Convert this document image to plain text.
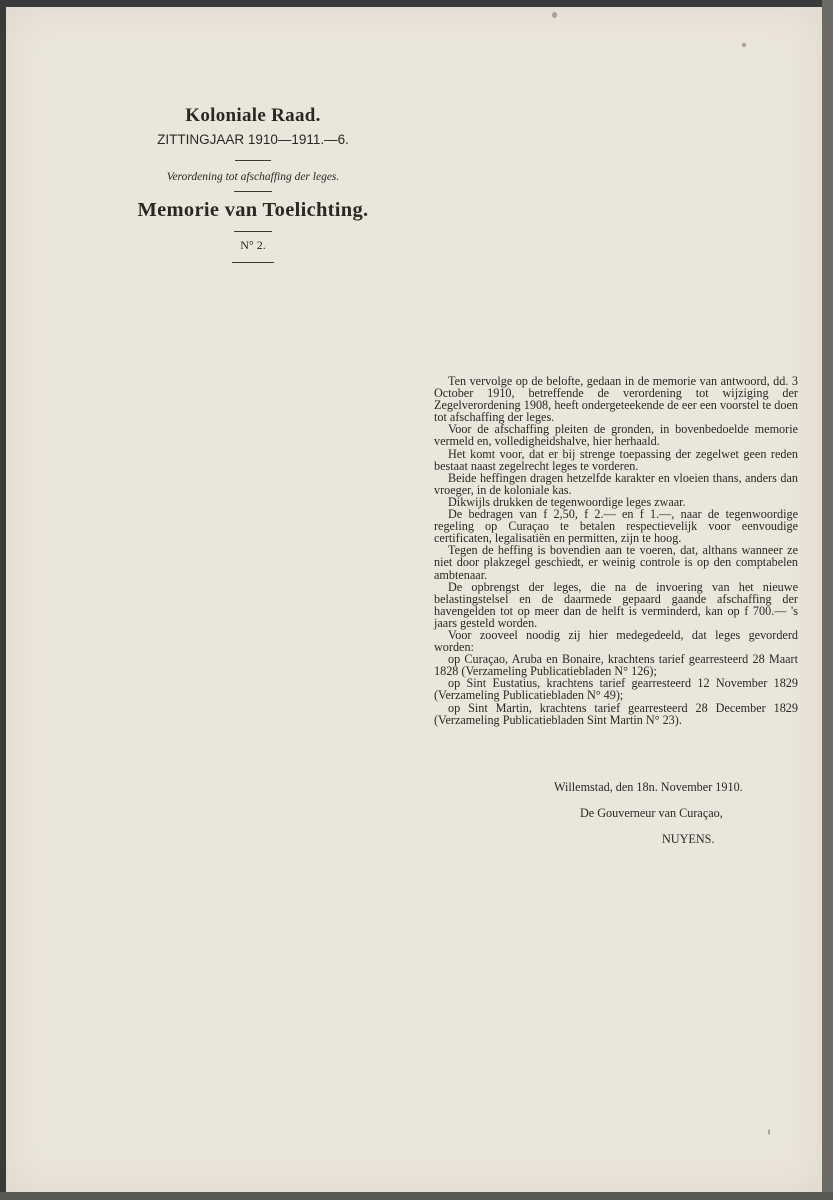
Koloniale Raad.
ZITTINGJAAR 1910—1911.—6.
Verordening tot afschaffing der leges.
Memorie van Toelichting.
N° 2.

Ten vervolge op de belofte, gedaan in de memorie van antwoord, dd. 3 October 1910, betreffende de verordening tot wijziging der Zegelverordening 1908, heeft ondergeteekende de eer een voorstel te doen tot afschaffing der leges.

Voor de afschaffing pleiten de gronden, in bovenbedoelde memorie vermeld en, volledigheidshalve, hier herhaald.

Het komt voor, dat er bij strenge toepassing der zegelwet geen reden bestaat naast zegelrecht leges te vorderen.

Beide heffingen dragen hetzelfde karakter en vloeien thans, anders dan vroeger, in de koloniale kas.

Dikwijls drukken de tegenwoordige leges zwaar.

De bedragen van f 2,50, f 2.— en f 1.—, naar de tegenwoordige regeling op Curaçao te betalen respectievelijk voor eenvoudige certificaten, legalisatiën en permitten, zijn te hoog.

Tegen de heffing is bovendien aan te voeren, dat, althans wanneer ze niet door plakzegel geschiedt, er weinig controle is op den comptabelen ambtenaar.

De opbrengst der leges, die na de invoering van het nieuwe belastingstelsel en de daarmede gepaard gaande afschaffing der havengelden tot op meer dan de helft is verminderd, kan op f 700.— 's jaars gesteld worden.

Voor zooveel noodig zij hier medegedeeld, dat leges gevorderd worden:

op Curaçao, Aruba en Bonaire, krachtens tarief gearresteerd 28 Maart 1828 (Verzameling Publicatiebladen N° 126);

op Sint Eustatius, krachtens tarief gearresteerd 12 November 1829 (Verzameling Publicatiebladen N° 49);

op Sint Martin, krachtens tarief gearresteerd 28 December 1829 (Verzameling Publicatiebladen Sint Martin N° 23).

Willemstad, den 18n. November 1910.
De Gouverneur van Curaçao,
NUYENS.
